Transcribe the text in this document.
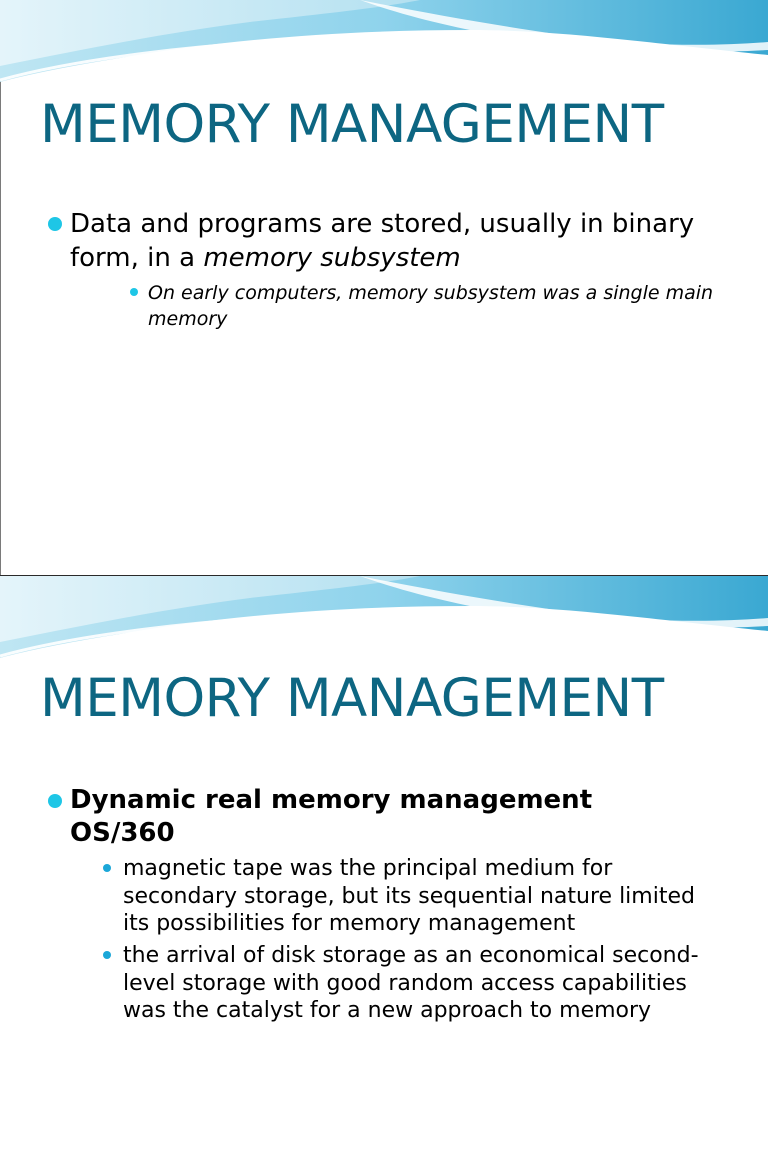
MEMORY MANAGEMENT
Data and programs are stored, usually in binary form, in a memory subsystem
On early computers, memory subsystem was a single main memory
MEMORY MANAGEMENT
Dynamic real memory management OS/360
magnetic tape was the principal medium for secondary storage, but its sequential nature limited its possibilities for memory management
the arrival of disk storage as an economical second-level storage with good random access capabilities was the catalyst for a new approach to memory
